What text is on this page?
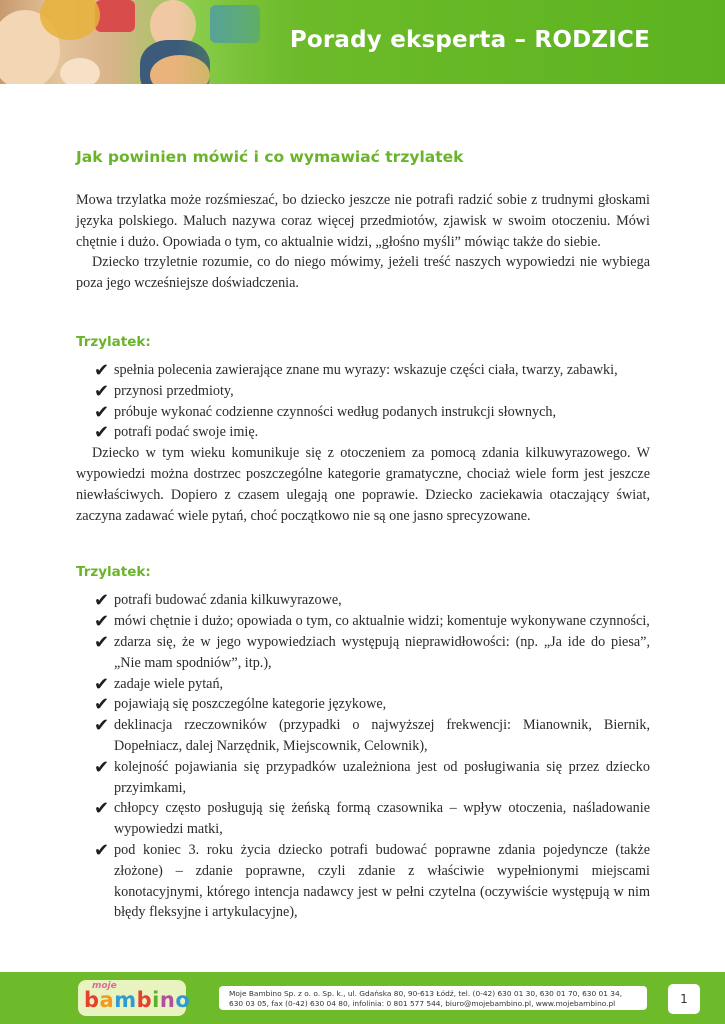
Porady eksperta – RODZICE
Jak powinien mówić i co wymawiać trzylatek

Mowa trzylatka może rozśmieszać, bo dziecko jeszcze nie potrafi radzić sobie z trudnymi głoskami języka polskiego. Maluch nazywa coraz więcej przedmiotów, zjawisk w swoim otoczeniu. Mówi chętnie i dużo. Opowiada o tym, co aktualnie widzi, „głośno myśli” mówiąc także do siebie.

Dziecko trzyletnie rozumie, co do niego mówimy, jeżeli treść naszych wypowiedzi nie wybiega poza jego wcześniejsze doświadczenia.

Trzylatek:
✔ spełnia polecenia zawierające znane mu wyrazy: wskazuje części ciała, twarzy, zabawki,
✔ przynosi przedmioty,
✔ próbuje wykonać codzienne czynności według podanych instrukcji słownych,
✔ potrafi podać swoje imię.

Dziecko w tym wieku komunikuje się z otoczeniem za pomocą zdania kilkuwyrazowego. W wypowiedzi można dostrzec poszczególne kategorie gramatyczne, chociaż wiele form jest jeszcze niewłaściwych. Dopiero z czasem ulegają one poprawie. Dziecko zaciekawia otaczający świat, zaczyna zadawać wiele pytań, choć początkowo nie są one jasno sprecyzowane.

Trzylatek:
✔ potrafi budować zdania kilkuwyrazowe,
✔ mówi chętnie i dużo; opowiada o tym, co aktualnie widzi; komentuje wykonywane czynności,
✔ zdarza się, że w jego wypowiedziach występują nieprawidłowości: (np. „Ja ide do piesa”, „Nie mam spodniów”, itp.),
✔ zadaje wiele pytań,
✔ pojawiają się poszczególne kategorie językowe,
✔ deklinacja rzeczowników (przypadki o najwyższej frekwencji: Mianownik, Biernik, Dopełniacz, dalej Narzędnik, Miejscownik, Celownik),
✔ kolejność pojawiania się przypadków uzależniona jest od posługiwania się przez dziecko przyimkami,
✔ chłopcy często posługują się żeńską formą czasownika – wpływ otoczenia, naśladowanie wypowiedzi matki,
✔ pod koniec 3. roku życia dziecko potrafi budować poprawne zdania pojedyncze (także złożone) – zdanie poprawne, czyli zdanie z właściwie wypełnionymi miejscami konotacyjnymi, którego intencja nadawcy jest w pełni czytelna (oczywiście występują w nim błędy fleksyjne i artykulacyjne),
moje
bambino	Moje Bambino Sp. z o. o. Sp. k., ul. Gdańska 80, 90-613 Łódź, tel. (0-42) 630 01 30, 630 01 70, 630 01 34,
630 03 05, fax (0-42) 630 04 80, infolinia: 0 801 577 544, biuro@mojebambino.pl, www.mojebambino.pl	1
